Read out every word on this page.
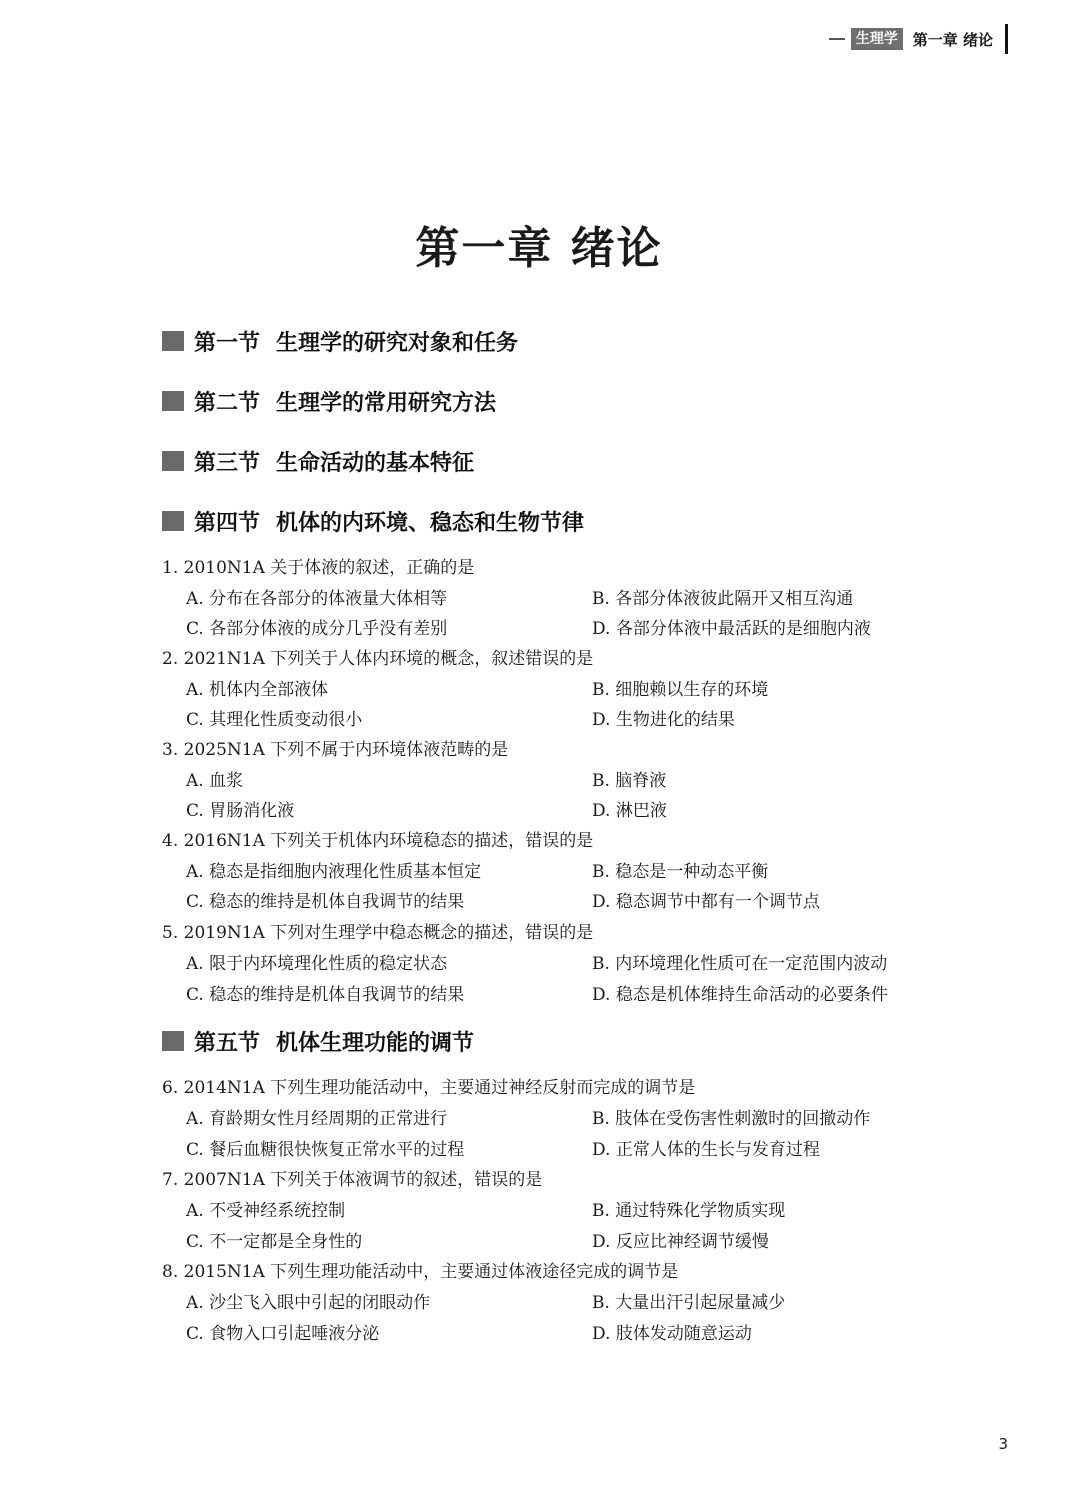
生理学	第一章 绪论
第一章 绪论
第一节 生理学的研究对象和任务
第二节 生理学的常用研究方法
第三节 生命活动的基本特征
第四节 机体的内环境、稳态和生物节律
1. 2010N1A 关于体液的叙述，正确的是
A. 分布在各部分的体液量大体相等	B. 各部分体液彼此隔开又相互沟通
C. 各部分体液的成分几乎没有差别	D. 各部分体液中最活跃的是细胞内液
2. 2021N1A 下列关于人体内环境的概念，叙述错误的是
A. 机体内全部液体	B. 细胞赖以生存的环境
C. 其理化性质变动很小	D. 生物进化的结果
3. 2025N1A 下列不属于内环境体液范畴的是
A. 血浆	B. 脑脊液
C. 胃肠消化液	D. 淋巴液
4. 2016N1A 下列关于机体内环境稳态的描述，错误的是
A. 稳态是指细胞内液理化性质基本恒定	B. 稳态是一种动态平衡
C. 稳态的维持是机体自我调节的结果	D. 稳态调节中都有一个调节点
5. 2019N1A 下列对生理学中稳态概念的描述，错误的是
A. 限于内环境理化性质的稳定状态	B. 内环境理化性质可在一定范围内波动
C. 稳态的维持是机体自我调节的结果	D. 稳态是机体维持生命活动的必要条件
第五节 机体生理功能的调节
6. 2014N1A 下列生理功能活动中，主要通过神经反射而完成的调节是
A. 育龄期女性月经周期的正常进行	B. 肢体在受伤害性刺激时的回撤动作
C. 餐后血糖很快恢复正常水平的过程	D. 正常人体的生长与发育过程
7. 2007N1A 下列关于体液调节的叙述，错误的是
A. 不受神经系统控制	B. 通过特殊化学物质实现
C. 不一定都是全身性的	D. 反应比神经调节缓慢
8. 2015N1A 下列生理功能活动中，主要通过体液途径完成的调节是
A. 沙尘飞入眼中引起的闭眼动作	B. 大量出汗引起尿量减少
C. 食物入口引起唾液分泌	D. 肢体发动随意运动
3
